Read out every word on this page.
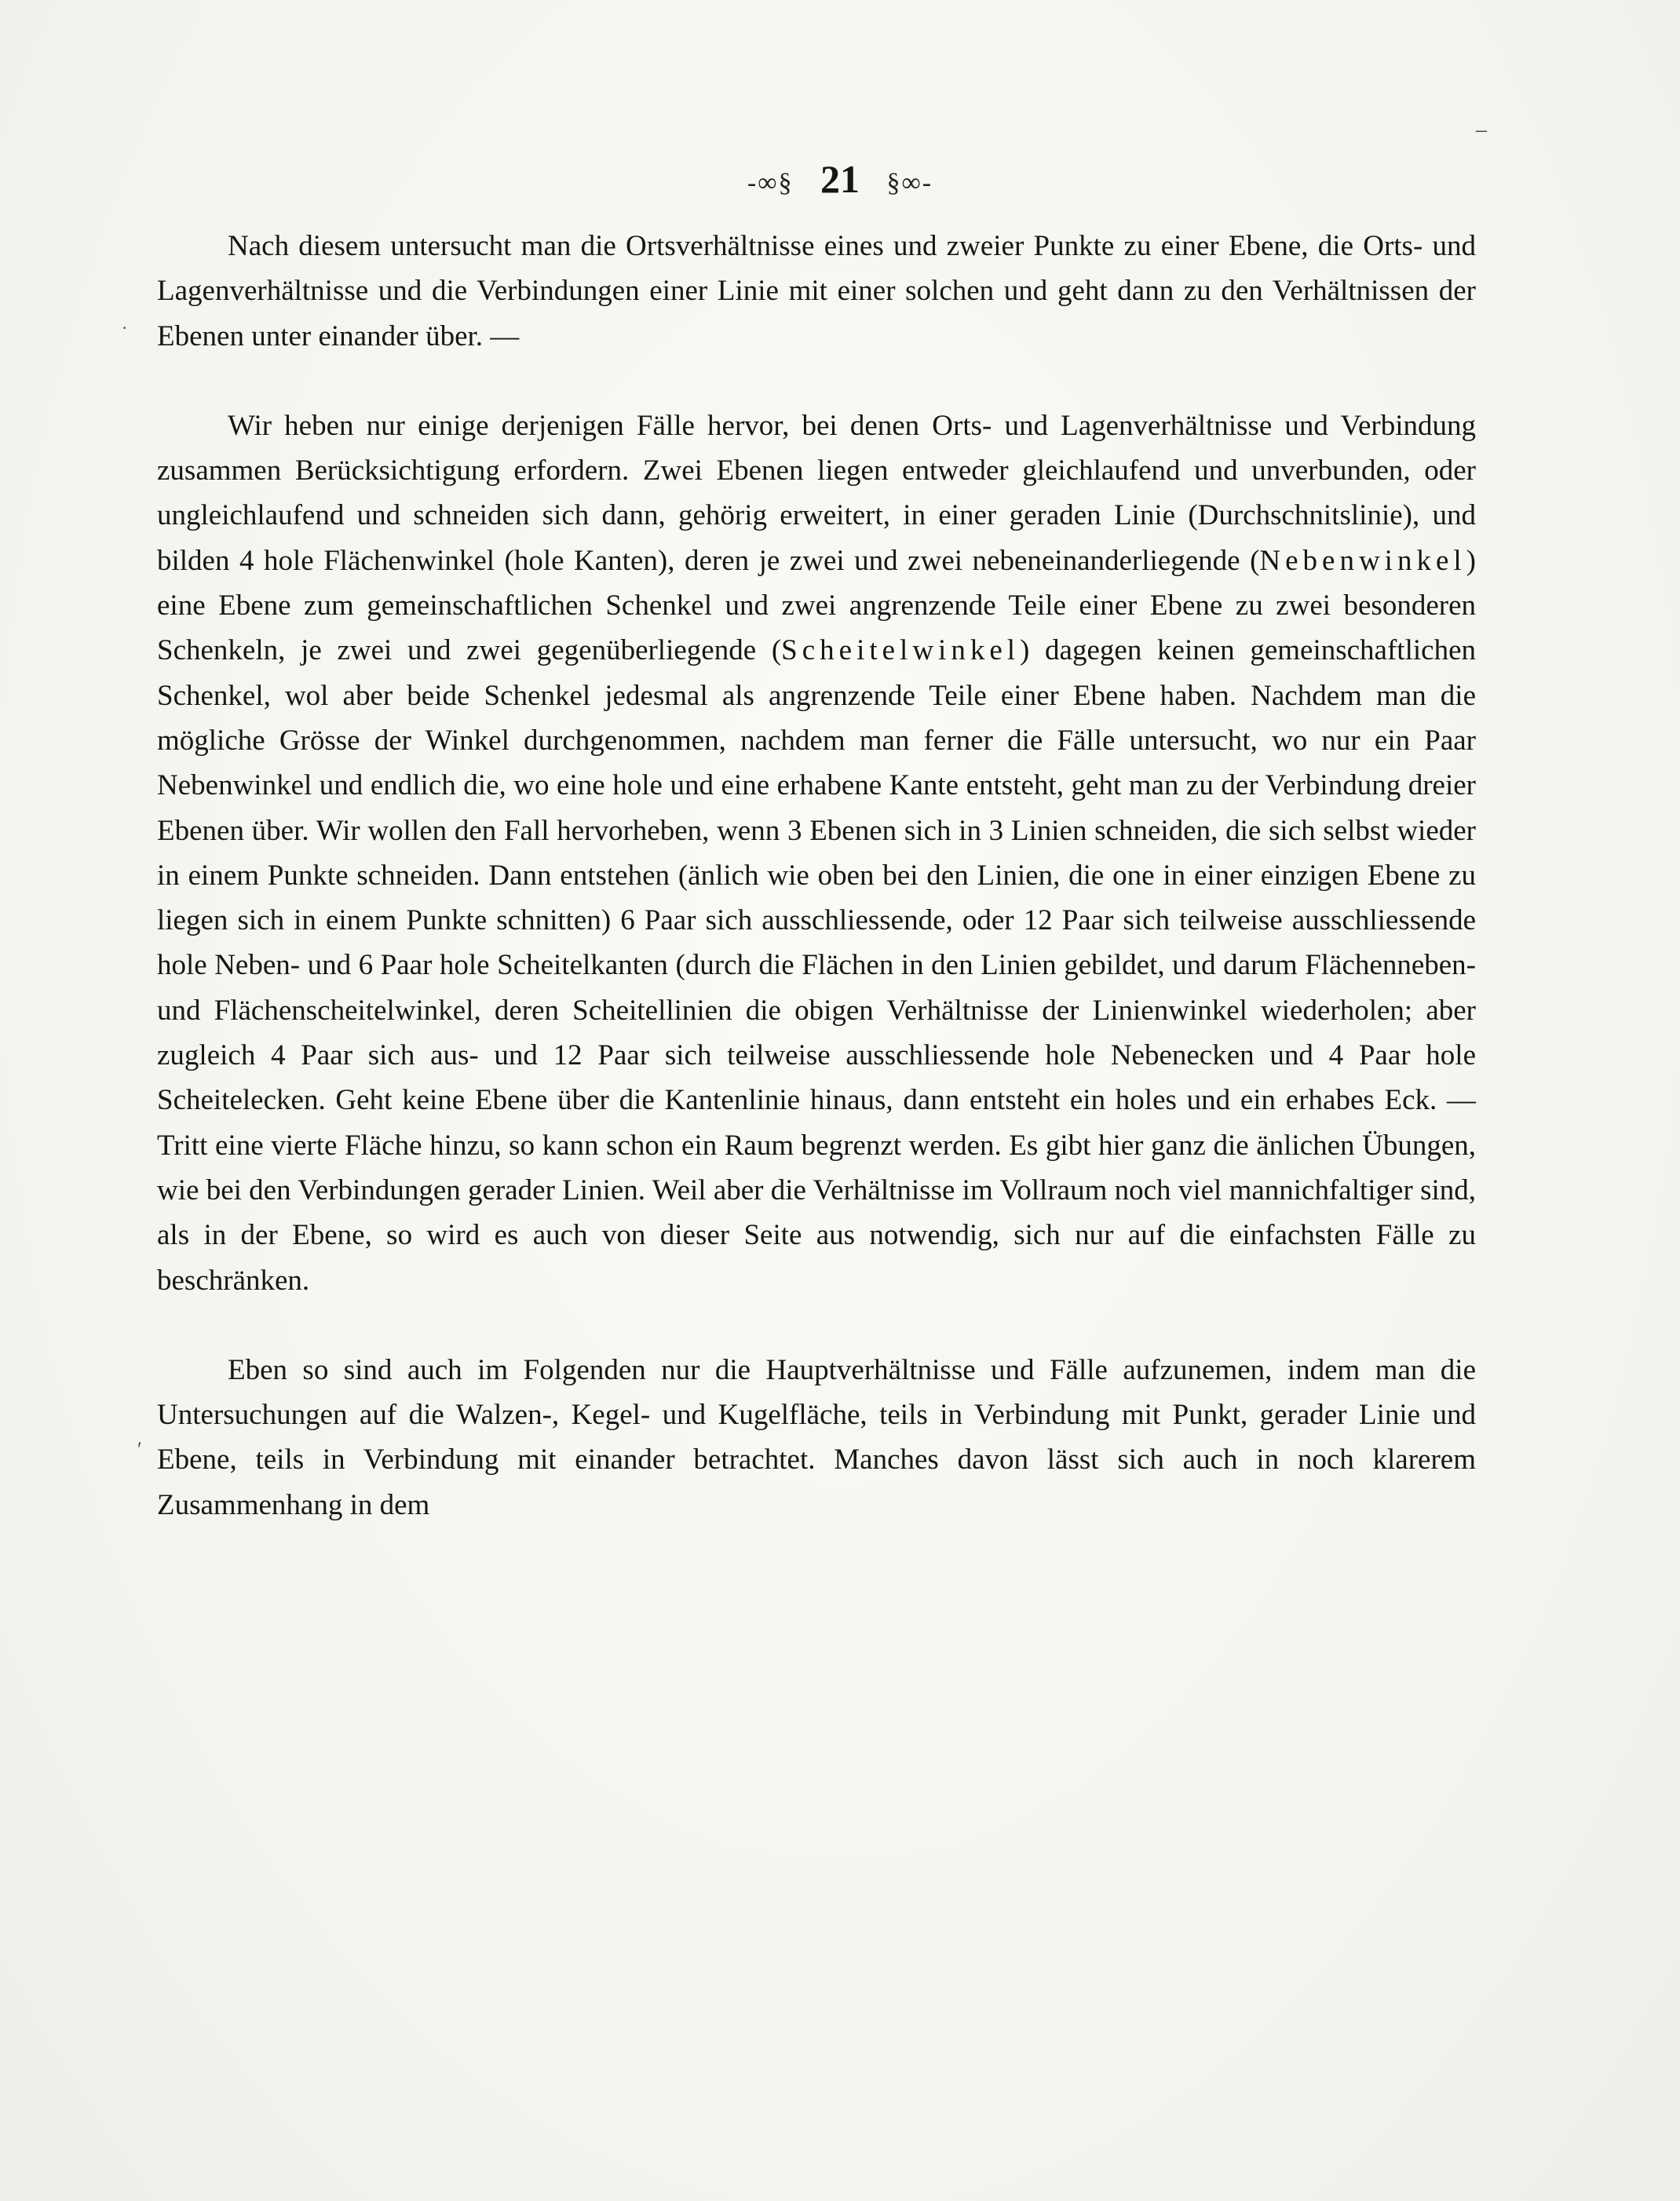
-∞§ 21 §∞-
–
·
′

Nach diesem untersucht man die Ortsverhältnisse eines und zweier Punkte zu einer Ebene, die Orts- und Lagenverhältnisse und die Verbindungen einer Linie mit einer solchen und geht dann zu den Verhältnissen der Ebenen unter einander über. —

Wir heben nur einige derjenigen Fälle hervor, bei denen Orts- und Lagenverhältnisse und Verbindung zusammen Berücksichtigung erfordern. Zwei Ebenen liegen entweder gleichlaufend und unverbunden, oder ungleichlaufend und schneiden sich dann, gehörig erweitert, in einer geraden Linie (Durchschnitslinie), und bilden 4 hole Flächenwinkel (hole Kanten), deren je zwei und zwei nebeneinanderliegende (Nebenwinkel) eine Ebene zum gemeinschaftlichen Schenkel und zwei angrenzende Teile einer Ebene zu zwei besonderen Schenkeln, je zwei und zwei gegenüberliegende (Scheitelwinkel) dagegen keinen gemeinschaftlichen Schenkel, wol aber beide Schenkel jedesmal als angrenzende Teile einer Ebene haben. Nachdem man die mögliche Grösse der Winkel durchgenommen, nachdem man ferner die Fälle untersucht, wo nur ein Paar Nebenwinkel und endlich die, wo eine hole und eine erhabene Kante entsteht, geht man zu der Verbindung dreier Ebenen über. Wir wollen den Fall hervorheben, wenn 3 Ebenen sich in 3 Linien schneiden, die sich selbst wieder in einem Punkte schneiden. Dann entstehen (änlich wie oben bei den Linien, die one in einer einzigen Ebene zu liegen sich in einem Punkte schnitten) 6 Paar sich ausschliessende, oder 12 Paar sich teilweise ausschliessende hole Neben- und 6 Paar hole Scheitelkanten (durch die Flächen in den Linien gebildet, und darum Flächenneben- und Flächenscheitelwinkel, deren Scheitellinien die obigen Verhältnisse der Linienwinkel wiederholen; aber zugleich 4 Paar sich aus- und 12 Paar sich teilweise ausschliessende hole Nebenecken und 4 Paar hole Scheitelecken. Geht keine Ebene über die Kantenlinie hinaus, dann entsteht ein holes und ein erhabes Eck. — Tritt eine vierte Fläche hinzu, so kann schon ein Raum begrenzt werden. Es gibt hier ganz die änlichen Übungen, wie bei den Verbindungen gerader Linien. Weil aber die Verhältnisse im Vollraum noch viel mannichfaltiger sind, als in der Ebene, so wird es auch von dieser Seite aus notwendig, sich nur auf die einfachsten Fälle zu beschränken.

Eben so sind auch im Folgenden nur die Hauptverhältnisse und Fälle aufzunemen, indem man die Untersuchungen auf die Walzen-, Kegel- und Kugelfläche, teils in Verbindung mit Punkt, gerader Linie und Ebene, teils in Verbindung mit einander betrachtet. Manches davon lässt sich auch in noch klarerem Zusammenhang in dem
